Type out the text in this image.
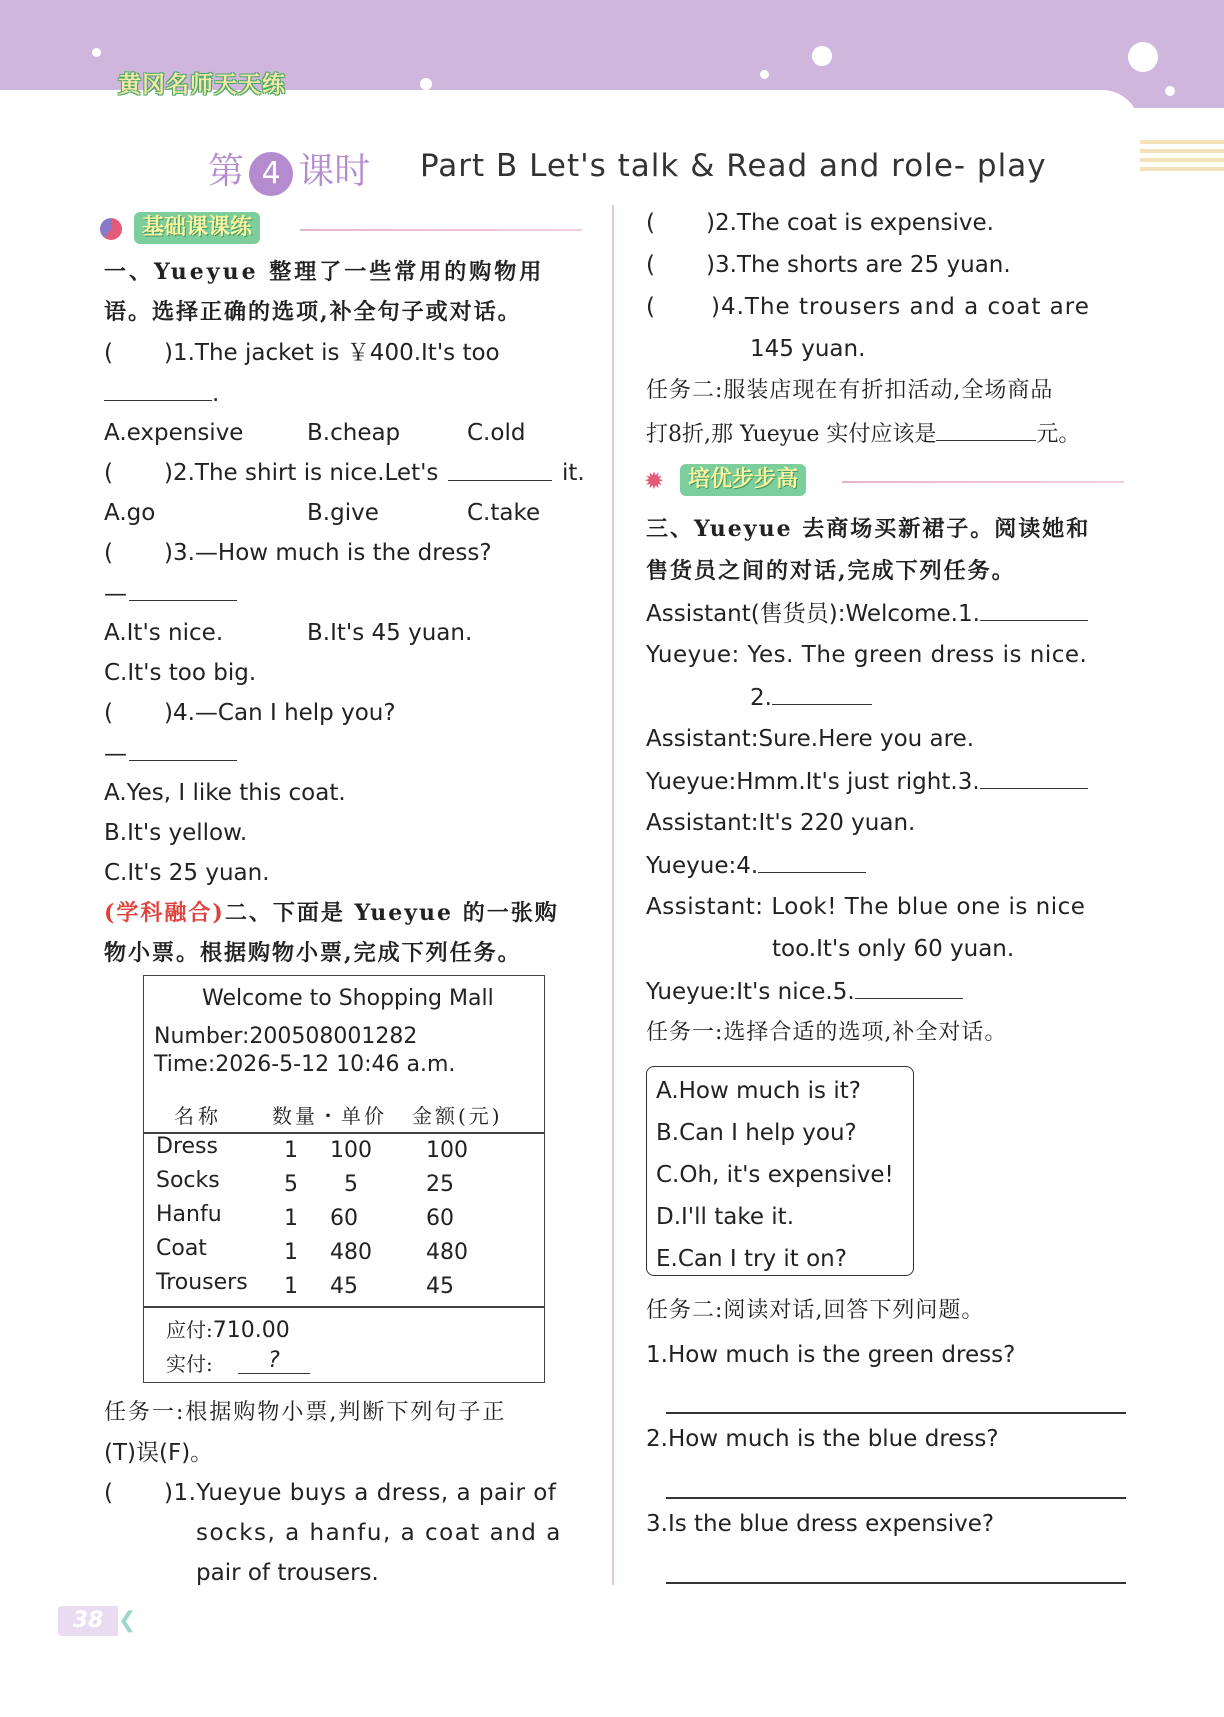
黄冈名师天天练
第 4 课时 Part B Let's talk & Read and role- play
基础课课练
一、Yueyue 整理了一些常用的购物用
语。选择正确的选项,补全句子或对话。
( )1.The jacket is ￥400.It's too
.
A.expensive	B.cheap	C.old
( )2.The shirt is nice.Let's	it.
A.go	B.give	C.take
( )3.—How much is the dress?
—
A.It's nice.	B.It's 45 yuan.
C.It's too big.
( )4.—Can I help you?
—
A.Yes, I like this coat.
B.It's yellow.
C.It's 25 yuan.
(学科融合)二、下面是 Yueyue 的一张购
物小票。根据购物小票,完成下列任务。
Welcome to Shopping Mall
Number:200508001282
Time:2026-5-12 10:46 a.m.
名称	数量・单价 金额(元)
Dress	1 100 100
Socks	5 5	25
Hanfu	1 60	60
Coat	1 480 480
Trousers 1 45	45
应付:710.00
实付:	?
任务一:根据购物小票,判断下列句子正
(T)误(F)。
( )1.Yueyue buys a dress, a pair of
socks, a hanfu, a coat and a
pair of trousers.
( )2.The coat is expensive.
( )3.The shorts are 25 yuan.
( )4.The trousers and a coat are
145 yuan.
任务二:服装店现在有折扣活动,全场商品
打8折,那 Yueyue 实付应该是	元。
✹	培优步步高
三、Yueyue 去商场买新裙子。阅读她和
售货员之间的对话,完成下列任务。
Assistant(售货员):Welcome.1.
Yueyue: Yes. The green dress is nice.
2.
Assistant:Sure.Here you are.
Yueyue:Hmm.It's just right.3.
Assistant:It's 220 yuan.
Yueyue:4.
Assistant: Look! The blue one is nice
too.It's only 60 yuan.
Yueyue:It's nice.5.
任务一:选择合适的选项,补全对话。
A.How much is it?
B.Can I help you?
C.Oh, it's expensive!
D.I'll take it.
E.Can I try it on?
任务二:阅读对话,回答下列问题。
1.How much is the green dress?
2.How much is the blue dress?
3.Is the blue dress expensive?
38 ❮
